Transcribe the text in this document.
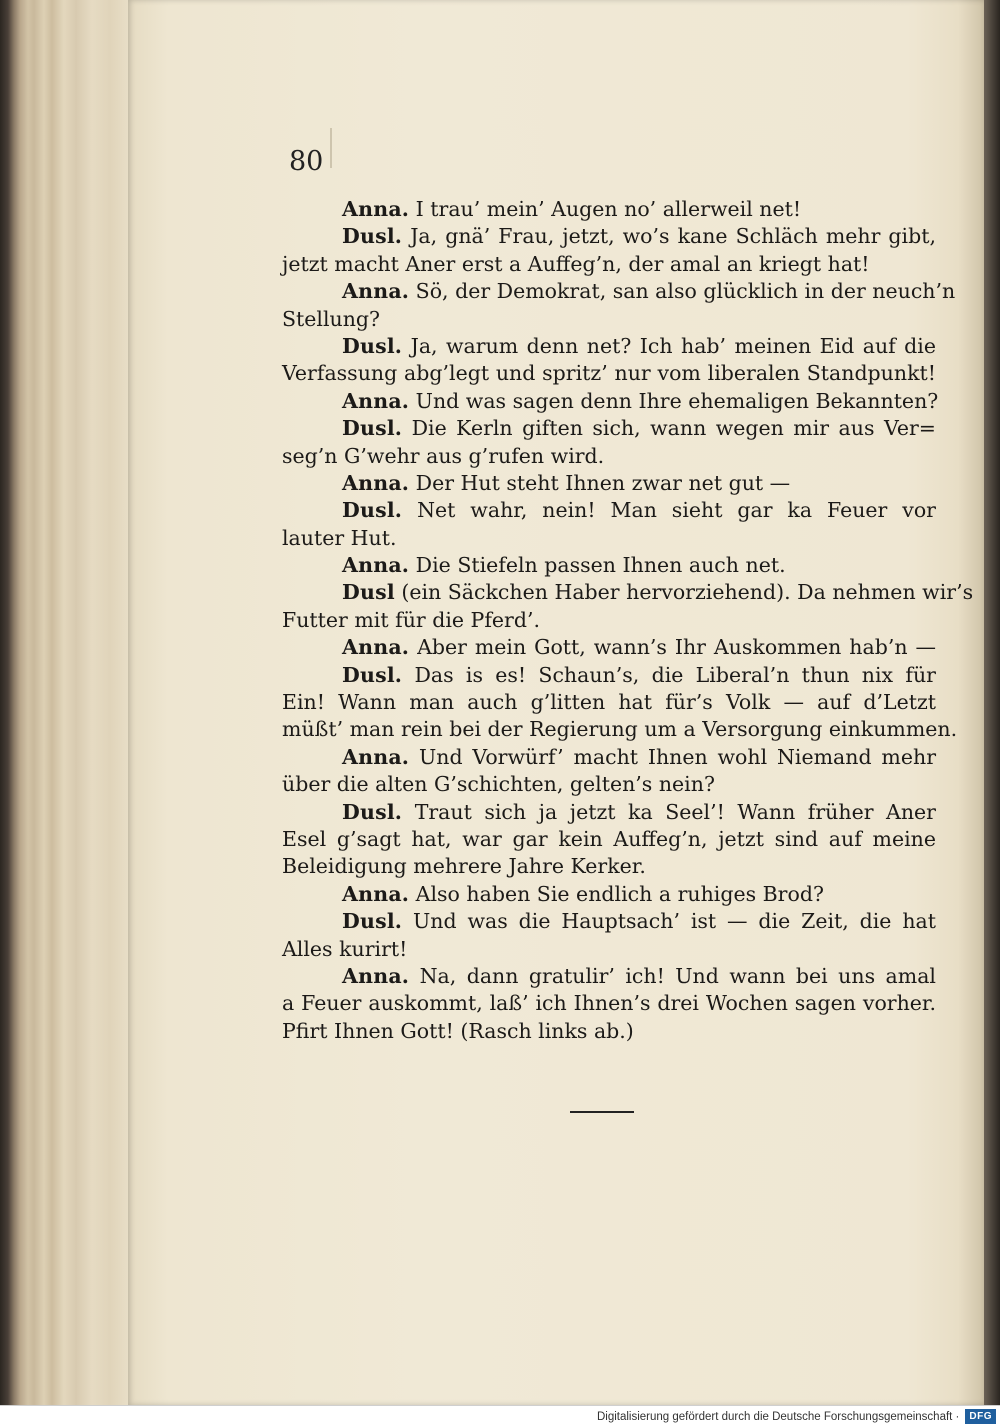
80
Anna. I trau’ mein’ Augen no’ allerweil net!
Dusl. Ja, gnä’ Frau, jetzt, wo’s kane Schläch mehr gibt,
jetzt macht Aner erst a Auffeg’n, der amal an kriegt hat!
Anna. Sö, der Demokrat, san also glücklich in der neuch’n
Stellung?
Dusl. Ja, warum denn net? Ich hab’ meinen Eid auf die
Verfassung abg’legt und spritz’ nur vom liberalen Standpunkt!
Anna. Und was sagen denn Ihre ehemaligen Bekannten?
Dusl. Die Kerln giften sich, wann wegen mir aus Ver=
seg’n G’wehr aus g’rufen wird.
Anna. Der Hut steht Ihnen zwar net gut —
Dusl. Net wahr, nein! Man sieht gar ka Feuer vor
lauter Hut.
Anna. Die Stiefeln passen Ihnen auch net.
Dusl (ein Säckchen Haber hervorziehend). Da nehmen wir’s
Futter mit für die Pferd’.
Anna. Aber mein Gott, wann’s Ihr Auskommen hab’n —
Dusl. Das is es! Schaun’s, die Liberal’n thun nix für
Ein! Wann man auch g’litten hat für’s Volk — auf d’Letzt
müßt’ man rein bei der Regierung um a Versorgung einkummen.
Anna. Und Vorwürf’ macht Ihnen wohl Niemand mehr
über die alten G’schichten, gelten’s nein?
Dusl. Traut sich ja jetzt ka Seel’! Wann früher Aner
Esel g’sagt hat, war gar kein Auffeg’n, jetzt sind auf meine
Beleidigung mehrere Jahre Kerker.
Anna. Also haben Sie endlich a ruhiges Brod?
Dusl. Und was die Hauptsach’ ist — die Zeit, die hat
Alles kurirt!
Anna. Na, dann gratulir’ ich! Und wann bei uns amal
a Feuer auskommt, laß’ ich Ihnen’s drei Wochen sagen vorher.
Pfirt Ihnen Gott! (Rasch links ab.)
Digitalisierung gefördert durch die Deutsche Forschungsgemeinschaft ·	DFG
